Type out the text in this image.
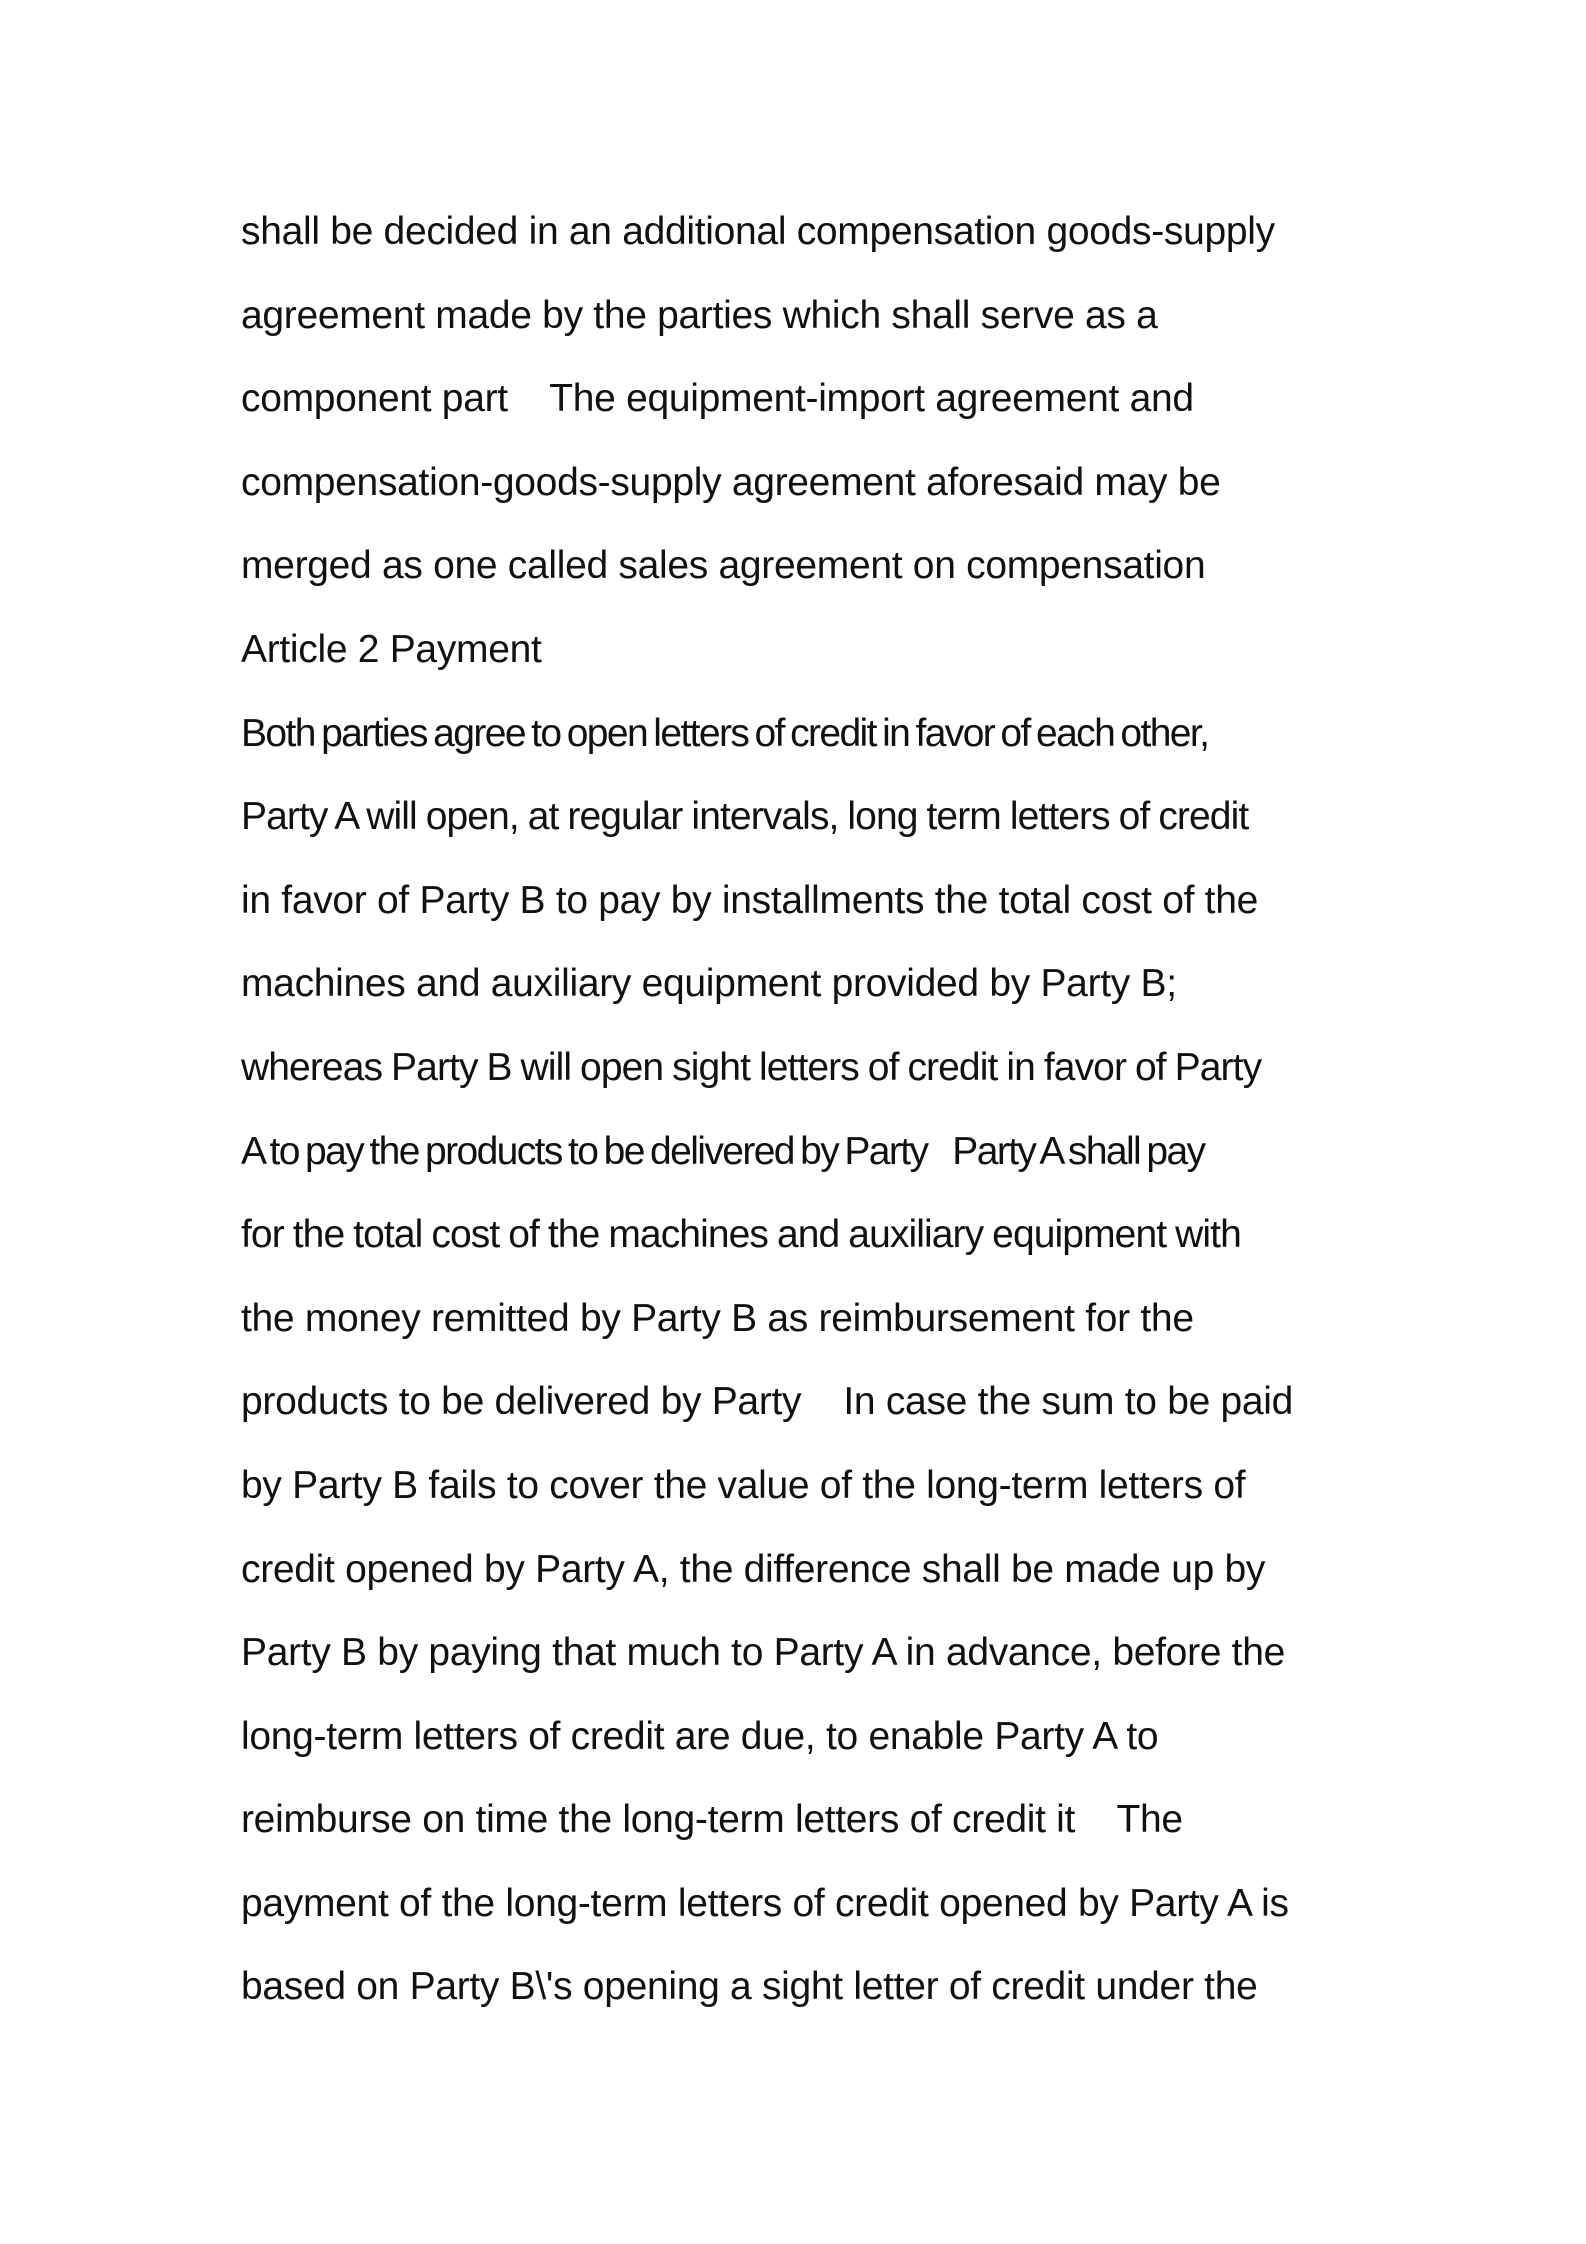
shall be decided in an additional compensation goods-supply
agreement made by the parties which shall serve as a
component part    The equipment-import agreement and
compensation-goods-supply agreement aforesaid may be
merged as one called sales agreement on compensation
Article 2 Payment
Both parties agree to open letters of credit in favor of each other,
Party A will open, at regular intervals, long term letters of credit
in favor of Party B to pay by installments the total cost of the
machines and auxiliary equipment provided by Party B;
whereas Party B will open sight letters of credit in favor of Party
A to pay the products to be delivered by Party    Party A shall pay
for the total cost of the machines and auxiliary equipment with
the money remitted by Party B as reimbursement for the
products to be delivered by Party    In case the sum to be paid
by Party B fails to cover the value of the long-term letters of
credit opened by Party A, the difference shall be made up by
Party B by paying that much to Party A in advance, before the
long-term letters of credit are due, to enable Party A to
reimburse on time the long-term letters of credit it    The
payment of the long-term letters of credit opened by Party A is
based on Party B\'s opening a sight letter of credit under the
